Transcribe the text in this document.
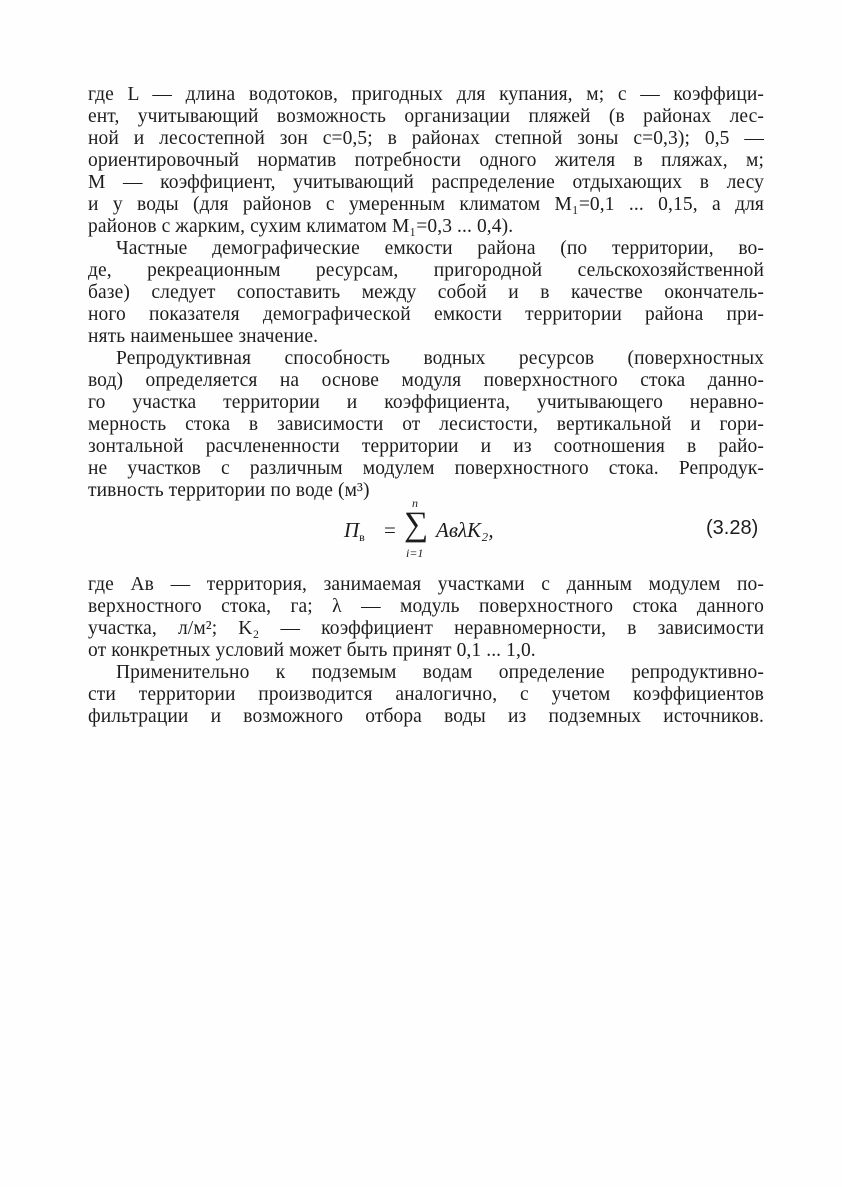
где L — длина водотоков, пригодных для купания, м; c — коэффици-
ент, учитывающий возможность организации пляжей (в районах лес-
ной и лесостепной зон c=0,5; в районах степной зоны c=0,3); 0,5 —
ориентировочный норматив потребности одного жителя в пляжах, м;
M — коэффициент, учитывающий распределение отдыхающих в лесу
и у воды (для районов с умеренным климатом M₁=0,1 ... 0,15, а для
районов с жарким, сухим климатом M₁=0,3 ... 0,4).
Частные демографические емкости района (по территории, во-
де, рекреационным ресурсам, пригородной сельскохозяйственной
базе) следует сопоставить между собой и в качестве окончатель-
ного показателя демографической емкости территории района при-
нять наименьшее значение.
Репродуктивная способность водных ресурсов (поверхностных
вод) определяется на основе модуля поверхностного стока данно-
го участка территории и коэффициента, учитывающего неравно-
мерность стока в зависимости от лесистости, вертикальной и гори-
зонтальной расчлененности территории и из соотношения в райо-
не участков с различным модулем поверхностного стока. Репродук-
тивность территории по воде (м³)
$П_в$ =
n
∑
i=1
AвλK₂,	(3.28)
где Aв — территория, занимаемая участками с данным модулем по-
верхностного стока, га; λ — модуль поверхностного стока данного
участка, л/м²; K₂ — коэффициент неравномерности, в зависимости
от конкретных условий может быть принят 0,1 ... 1,0.
Применительно к подземым водам определение репродуктивно-
сти территории производится аналогично, с учетом коэффициентов
фильтрации и возможного отбора воды из подземных источников.
